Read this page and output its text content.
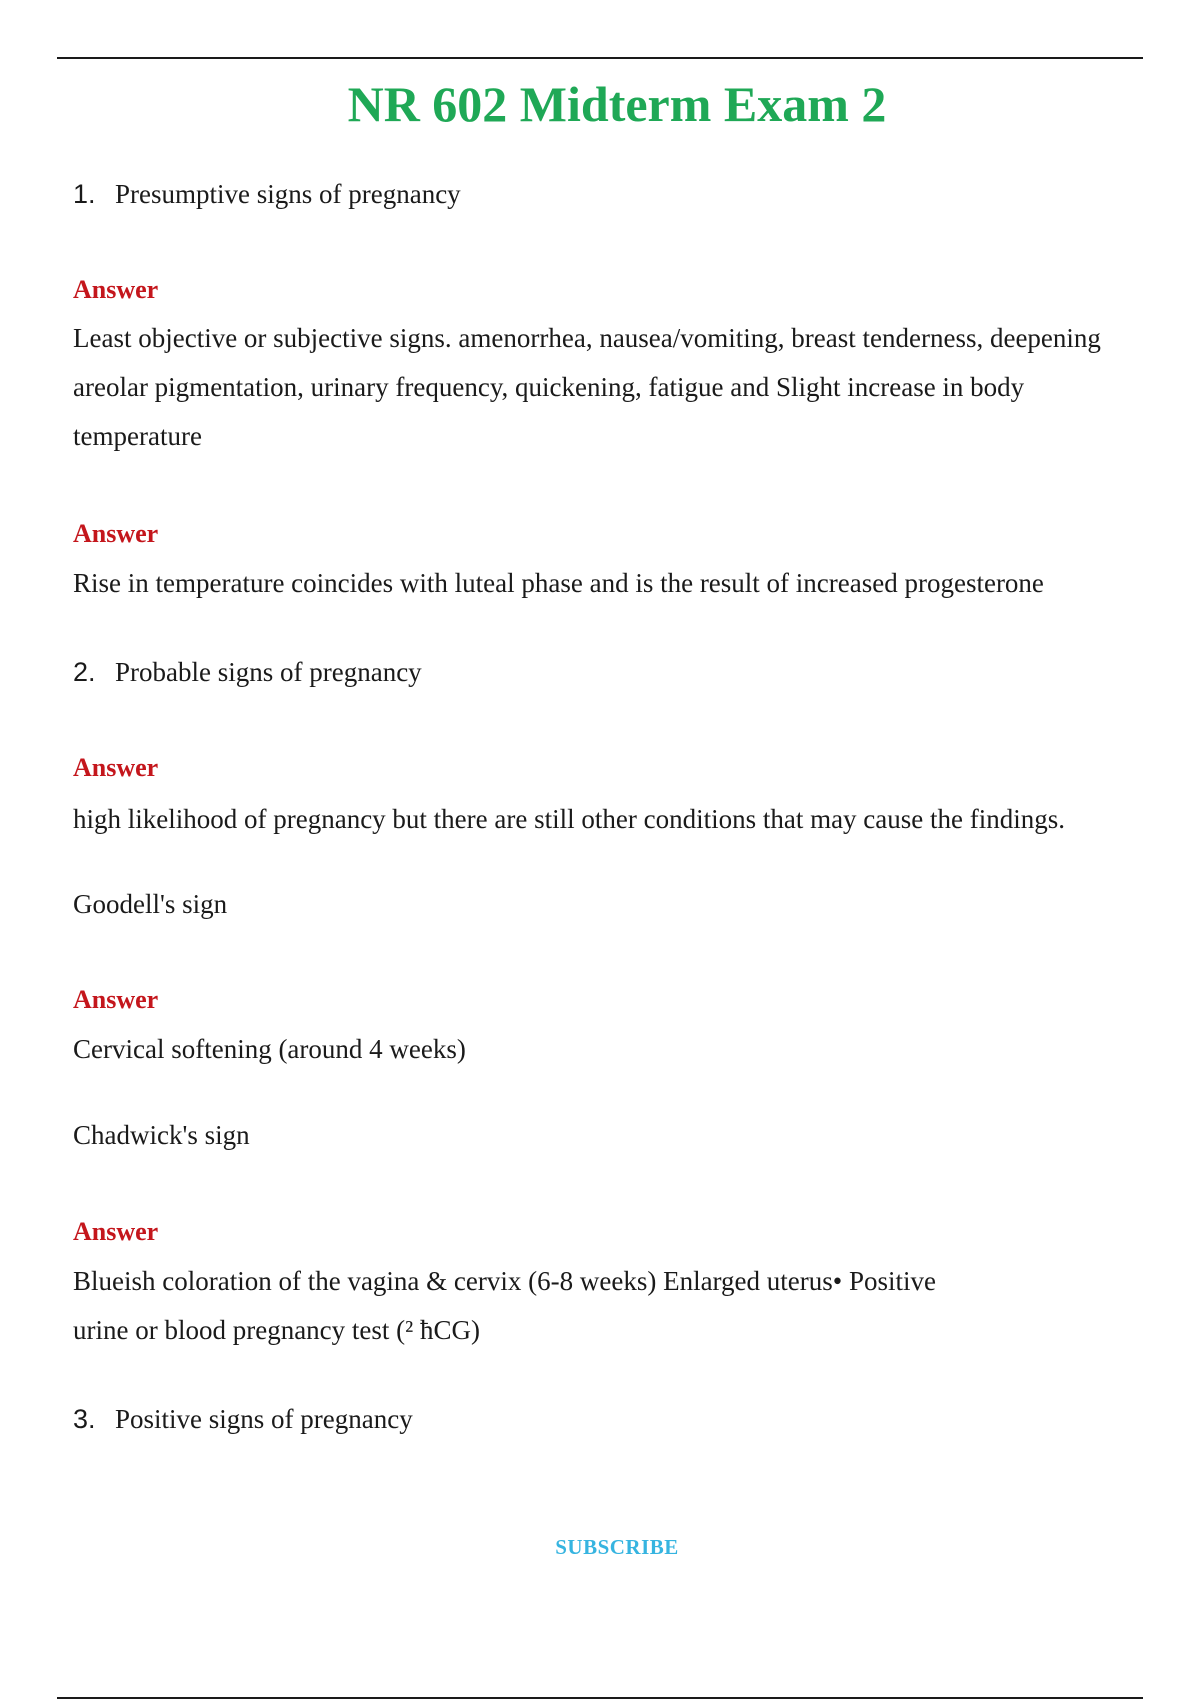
NR 602 Midterm Exam 2
1. Presumptive signs of pregnancy
Answer
Least objective or subjective signs. amenorrhea, nausea/vomiting, breast tenderness, deepening
areolar pigmentation, urinary frequency, quickening, fatigue and Slight increase in body
temperature
Answer
Rise in temperature coincides with luteal phase and is the result of increased progesterone
2. Probable signs of pregnancy
Answer
high likelihood of pregnancy but there are still other conditions that may cause the findings.
Goodell's sign
Answer
Cervical softening (around 4 weeks)
Chadwick's sign
Answer
Blueish coloration of the vagina & cervix (6-8 weeks) Enlarged uterus• Positive
urine or blood pregnancy test (² ħCG)
3. Positive signs of pregnancy
SUBSCRIBE
